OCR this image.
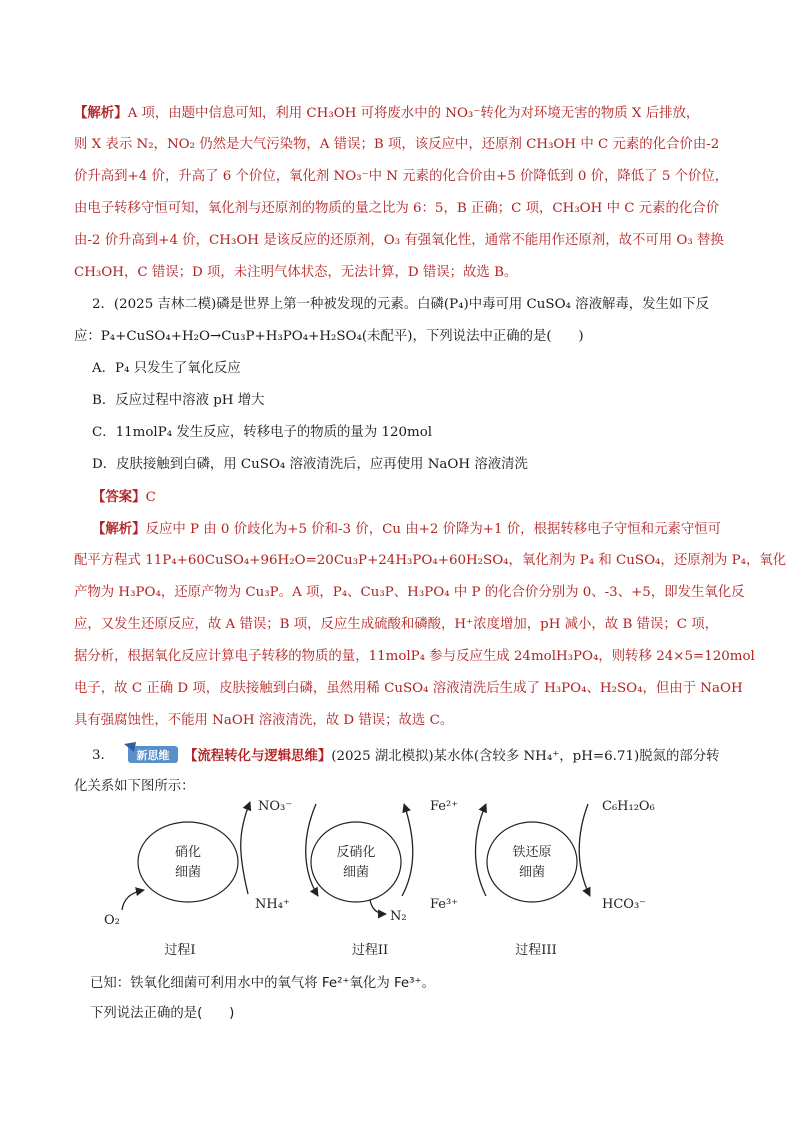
【解析】A 项，由题中信息可知，利用 CH₃OH 可将废水中的 NO₃⁻转化为对环境无害的物质 X 后排放，
则 X 表示 N₂，NO₂ 仍然是大气污染物，A 错误；B 项，该反应中，还原剂 CH₃OH 中 C 元素的化合价由-2
价升高到+4 价，升高了 6 个价位，氧化剂 NO₃⁻中 N 元素的化合价由+5 价降低到 0 价，降低了 5 个价位，
由电子转移守恒可知，氧化剂与还原剂的物质的量之比为 6：5，B 正确；C 项，CH₃OH 中 C 元素的化合价
由-2 价升高到+4 价，CH₃OH 是该反应的还原剂，O₃ 有强氧化性，通常不能用作还原剂，故不可用 O₃ 替换
CH₃OH，C 错误；D 项，未注明气体状态，无法计算，D 错误；故选 B。
2．(2025 吉林二模)磷是世界上第一种被发现的元素。白磷(P₄)中毒可用 CuSO₄ 溶液解毒，发生如下反
应：P₄+CuSO₄+H₂O→Cu₃P+H₃PO₄+H₂SO₄(未配平)，下列说法中正确的是(　　)
A．P₄ 只发生了氧化反应
B．反应过程中溶液 pH 增大
C．11molP₄ 发生反应，转移电子的物质的量为 120mol
D．皮肤接触到白磷，用 CuSO₄ 溶液清洗后，应再使用 NaOH 溶液清洗
【答案】C
【解析】反应中 P 由 0 价歧化为+5 价和-3 价，Cu 由+2 价降为+1 价，根据转移电子守恒和元素守恒可
配平方程式 11P₄+60CuSO₄+96H₂O=20Cu₃P+24H₃PO₄+60H₂SO₄，氧化剂为 P₄ 和 CuSO₄，还原剂为 P₄，氧化
产物为 H₃PO₄，还原产物为 Cu₃P。A 项，P₄、Cu₃P、H₃PO₄ 中 P 的化合价分别为 0、-3、+5，即发生氧化反
应，又发生还原反应，故 A 错误；B 项，反应生成硫酸和磷酸，H⁺浓度增加，pH 减小，故 B 错误；C 项，
据分析，根据氧化反应计算电子转移的物质的量，11molP₄ 参与反应生成 24molH₃PO₄，则转移 24×5=120mol
电子，故 C 正确 D 项，皮肤接触到白磷，虽然用稀 CuSO₄ 溶液清洗后生成了 H₃PO₄、H₂SO₄，但由于 NaOH
具有强腐蚀性，不能用 NaOH 溶液清洗，故 D 错误；故选 C。
3． 新思维 【流程转化与逻辑思维】(2025 湖北模拟)某水体(含较多 NH₄⁺，pH=6.71)脱氮的部分转
化关系如下图所示：
硝化
细菌
NO₃⁻
NH₄⁺
O₂
反硝化
细菌
N₂
Fe²⁺
Fe³⁺
铁还原
细菌
C₆H₁₂O₆
HCO₃⁻
过程I	过程II	过程III
已知：铁氧化细菌可利用水中的氧气将 Fe²⁺氧化为 Fe³⁺。
下列说法正确的是(　　)
